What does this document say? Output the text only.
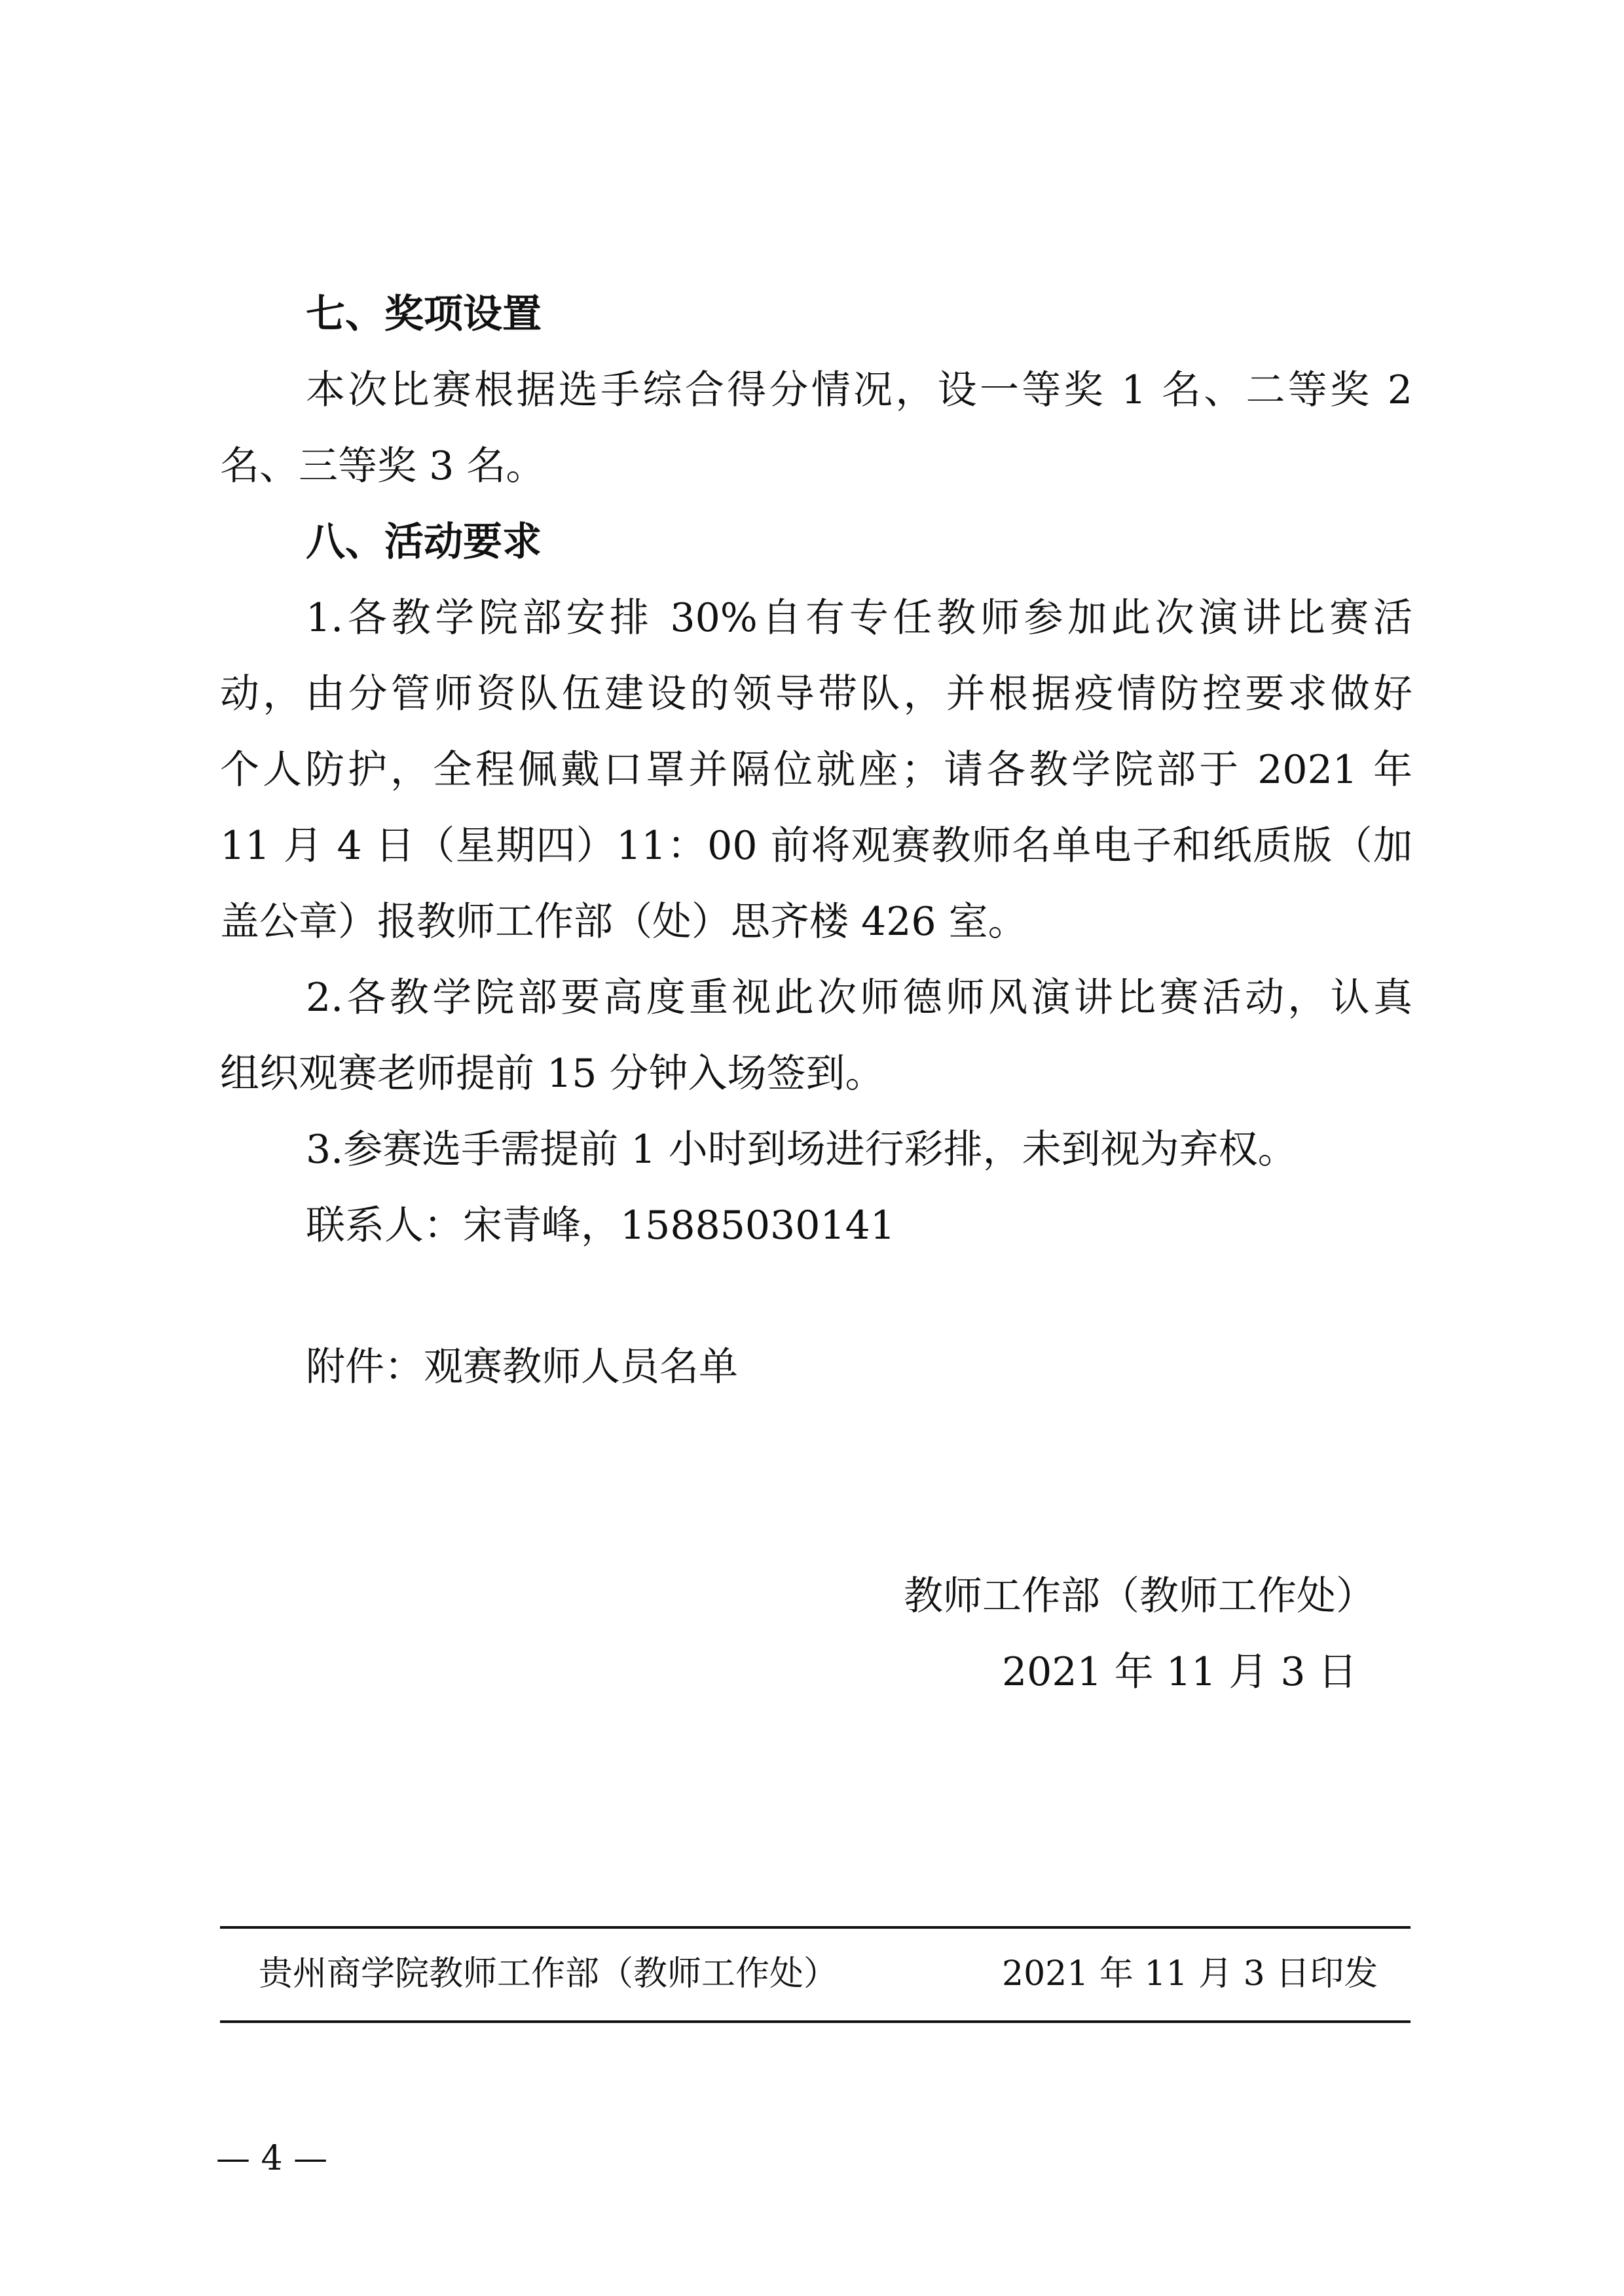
七、奖项设置
本次比赛根据选手综合得分情况，设一等奖 1 名、二等奖 2
名、三等奖 3 名。
八、活动要求
1.各教学院部安排 30%自有专任教师参加此次演讲比赛活
动，由分管师资队伍建设的领导带队，并根据疫情防控要求做好
个人防护，全程佩戴口罩并隔位就座；请各教学院部于 2021 年
11 月 4 日（星期四）11：00 前将观赛教师名单电子和纸质版（加
盖公章）报教师工作部（处）思齐楼 426 室。
2.各教学院部要高度重视此次师德师风演讲比赛活动，认真
组织观赛老师提前 15 分钟入场签到。
3.参赛选手需提前 1 小时到场进行彩排，未到视为弃权。
联系人：宋青峰，15885030141
附件：观赛教师人员名单
教师工作部（教师工作处）
2021 年 11 月 3 日
贵州商学院教师工作部（教师工作处）	2021 年 11 月 3 日印发
— 4 —
